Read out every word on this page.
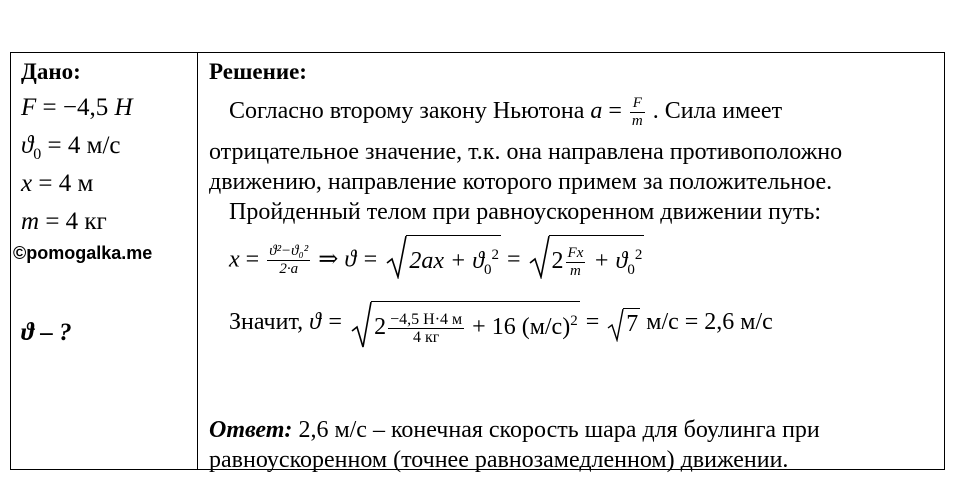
Дано:
F = −4,5 H
$ϑ_0 = 4$ м/с
x = 4 м
m = 4 кг
©pomogalka.me
ϑ – ?
Решение:
Согласно второму закону Ньютона $a = \frac{F}{m}$ . Сила имеет
отрицательное значение, т.к. она направлена противоположно
движению, направление которого примем за положительное.
Пройденный телом при равноускоренном движении путь:
$x = \frac{\text{ϑ²−ϑ₀²}}{2\cdot a}$ ⇒ ϑ =
$2ax + ϑ_0^2$ =
$2 \frac{Fx}{m} + ϑ_0^2$
Значит, ϑ =
$2 \frac{-4,5 Н\cdot 4 м}{4 кг} + 16$ $(м/с)^2$ =
7 м/с = 2,6 м/с
Ответ: 2,6 м/с – конечная скорость шара для боулинга при
равноускоренном (точнее равнозамедленном) движении.
